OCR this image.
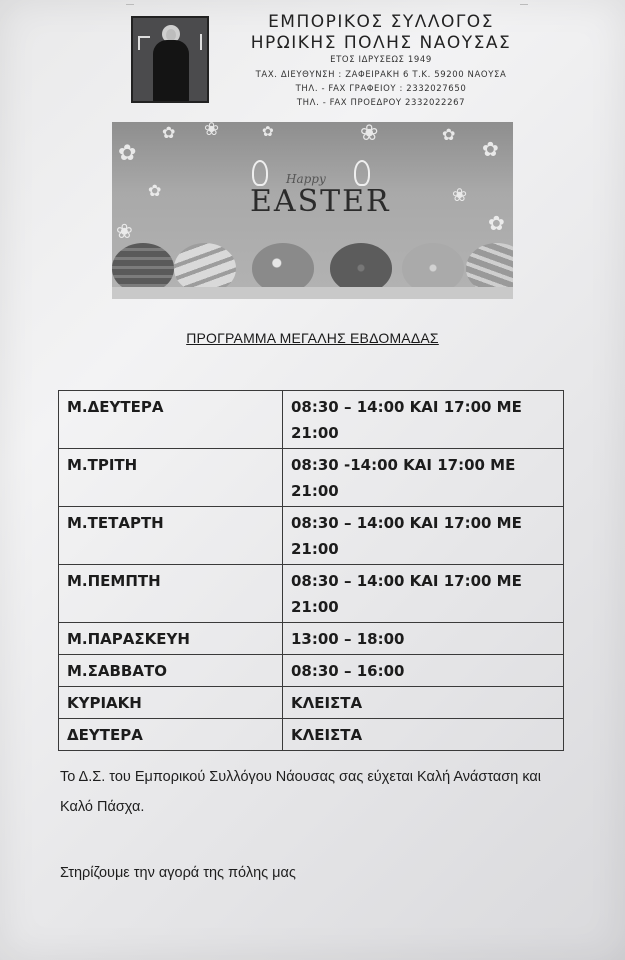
ΕΜΠΟΡΙΚΟΣ ΣΥΛΛΟΓΟΣ
ΗΡΩΙΚΗΣ ΠΟΛΗΣ ΝΑΟΥΣΑΣ
ΕΤΟΣ ΙΔΡΥΣΕΩΣ 1949
ΤΑΧ. ΔΙΕΥΘΥΝΣΗ : ΖΑΦΕΙΡΑΚΗ 6 Τ.Κ. 59200 ΝΑΟΥΣΑ
ΤΗΛ. - FAX ΓΡΑΦΕΙΟΥ : 2332027650
ΤΗΛ. - FAX ΠΡΟΕΔΡΟΥ 2332022267
✿
✿ ❀	✿	❀	✿
✿
❀
✿	❀
✿
Happy
EASTER
ΠΡΟΓΡΑΜΜΑ ΜΕΓΑΛΗΣ ΕΒΔΟΜΑΔΑΣ
Μ.ΔΕΥΤΕΡΑ	08:30 – 14:00 ΚΑΙ 17:00 ΜΕ 21:00
Μ.ΤΡΙΤΗ	08:30 -14:00 ΚΑΙ 17:00 ΜΕ 21:00
Μ.ΤΕΤΑΡΤΗ	08:30 – 14:00 ΚΑΙ 17:00 ΜΕ 21:00
Μ.ΠΕΜΠΤΗ	08:30 – 14:00 ΚΑΙ 17:00 ΜΕ 21:00
Μ.ΠΑΡΑΣΚΕΥΗ	13:00 – 18:00
Μ.ΣΑΒΒΑΤΟ	08:30 – 16:00
ΚΥΡΙΑΚΗ	ΚΛΕΙΣΤΑ
ΔΕΥΤΕΡΑ	ΚΛΕΙΣΤΑ
Το Δ.Σ. του Εμπορικού Συλλόγου Νάουσας σας εύχεται Καλή Ανάσταση και Καλό Πάσχα.
Στηρίζουμε την αγορά της πόλης μας
